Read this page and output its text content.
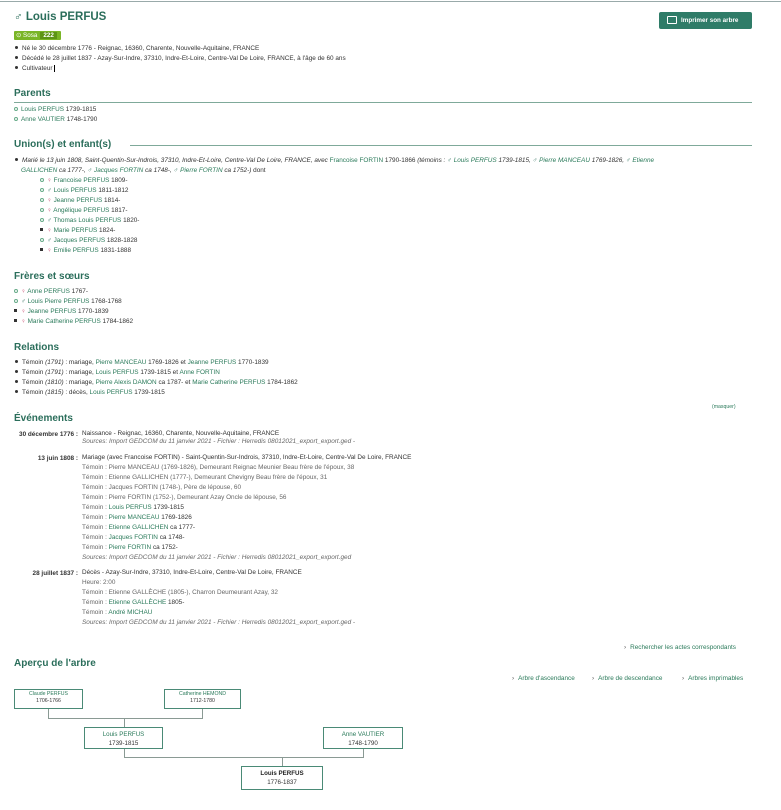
♂ Louis PERFUS
⊙ Sosa 222
Imprimer son arbre
Né le 30 décembre 1776 - Reignac, 16360, Charente, Nouvelle-Aquitaine, FRANCE
Décédé le 28 juillet 1837 - Azay-Sur-Indre, 37310, Indre-Et-Loire, Centre-Val De Loire, FRANCE, à l'âge de 60 ans
Cultivateur
Parents
Louis PERFUS 1739-1815
Anne VAUTIER 1748-1790
Union(s) et enfant(s)
Marié le 13 juin 1808, Saint-Quentin-Sur-Indrois, 37310, Indre-Et-Loire, Centre-Val De Loire, FRANCE, avec Francoise FORTIN 1790-1866 (témoins : ♂ Louis PERFUS 1739-1815, ♂ Pierre MANCEAU 1769-1826, ♂ Etienne
GALLICHEN ca 1777-, ♂ Jacques FORTIN ca 1748-, ♂ Pierre FORTIN ca 1752-) dont
♀ Francoise PERFUS 1809-
♂ Louis PERFUS 1811-1812
♀ Jeanne PERFUS 1814-
♀ Angélique PERFUS 1817-
♂ Thomas Louis PERFUS 1820-
♀ Marie PERFUS 1824-
♂ Jacques PERFUS 1828-1828
♀ Emilie PERFUS 1831-1888
Frères et sœurs
♀ Anne PERFUS 1767-
♂ Louis Pierre PERFUS 1768-1768
♀ Jeanne PERFUS 1770-1839
♀ Marie Catherine PERFUS 1784-1862
Relations
Témoin (1791) : mariage, Pierre MANCEAU 1769-1826 et Jeanne PERFUS 1770-1839
Témoin (1791) : mariage, Louis PERFUS 1739-1815 et Anne FORTIN
Témoin (1810) : mariage, Pierre Alexis DAMON ca 1787- et Marie Catherine PERFUS 1784-1862
Témoin (1815) : décès, Louis PERFUS 1739-1815
Événements
(masquer)
30 décembre 1776 : Naissance - Reignac, 16360, Charente, Nouvelle-Aquitaine, FRANCE
Sources: Import GEDCOM du 11 janvier 2021 - Fichier : Herredis 08012021_export_export.ged -
13 juin 1808 : Mariage (avec Francoise FORTIN) - Saint-Quentin-Sur-Indrois, 37310, Indre-Et-Loire, Centre-Val De Loire, FRANCE
Témoin : Pierre MANCEAU (1769-1826), Demeurant Reignac Meunier Beau frère de l'époux, 38
Témoin : Etienne GALLICHEN (1777-), Demeurant Chevigny Beau frère de l'époux, 31
Témoin : Jacques FORTIN (1748-), Père de lépouse, 60
Témoin : Pierre FORTIN (1752-), Demeurant Azay Oncle de lépouse, 56
Témoin : Louis PERFUS 1739-1815
Témoin : Pierre MANCEAU 1769-1826
Témoin : Etienne GALLICHEN ca 1777-
Témoin : Jacques FORTIN ca 1748-
Témoin : Pierre FORTIN ca 1752-
Sources: Import GEDCOM du 11 janvier 2021 - Fichier : Herredis 08012021_export_export.ged
28 juillet 1837 : Décès - Azay-Sur-Indre, 37310, Indre-Et-Loire, Centre-Val De Loire, FRANCE
Heure: 2:00
Témoin : Etienne GALLÈCHE (1805-), Charron Deumeurant Azay, 32
Témoin : Etienne GALLÈCHE 1805-
Témoin : André MICHAU
Sources: Import GEDCOM du 11 janvier 2021 - Fichier : Herredis 08012021_export_export.ged -
› Rechercher les actes correspondants
Aperçu de l'arbre
› Arbre d'ascendance	› Arbre de descendance	› Arbres imprimables
Claude PERFUS
1706-1766
Catherine HEMOND
1712-1780
Louis PERFUS
1739-1815
Anne VAUTIER
1748-1790
Louis PERFUS
1776-1837
